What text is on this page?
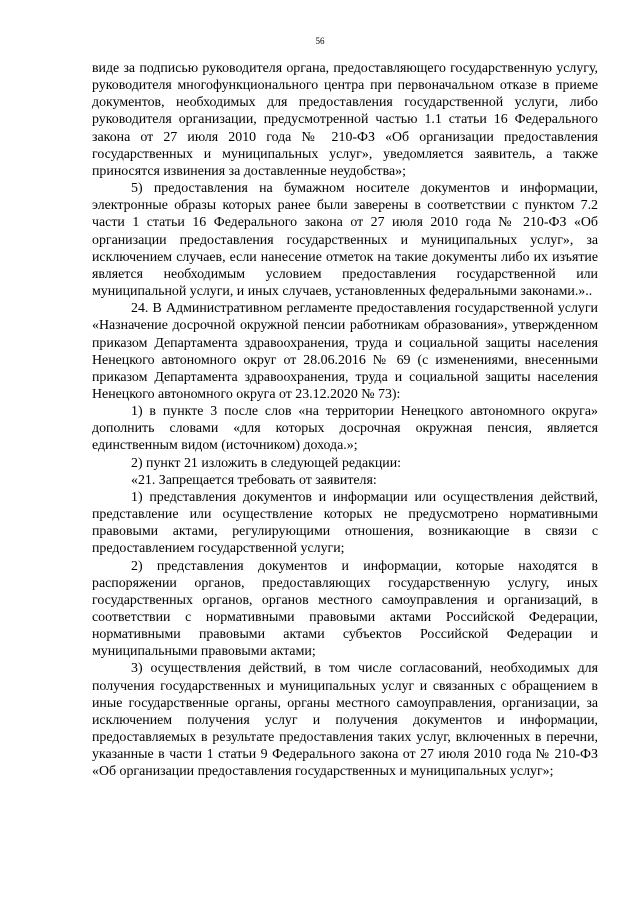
56

виде за подписью руководителя органа, предоставляющего государственную услугу, руководителя многофункционального центра при первоначальном отказе в приеме документов, необходимых для предоставления государственной услуги, либо руководителя организации, предусмотренной частью 1.1 статьи 16 Федерального закона от 27 июля 2010 года № 210-ФЗ «Об организации предоставления государственных и муниципальных услуг», уведомляется заявитель, а также приносятся извинения за доставленные неудобства»;

5) предоставления на бумажном носителе документов и информации, электронные образы которых ранее были заверены в соответствии с пунктом 7.2 части 1 статьи 16 Федерального закона от 27 июля 2010 года № 210-ФЗ «Об организации предоставления государственных и муниципальных услуг», за исключением случаев, если нанесение отметок на такие документы либо их изъятие является необходимым условием предоставления государственной или муниципальной услуги, и иных случаев, установленных федеральными законами.»..

24. В Административном регламенте предоставления государственной услуги «Назначение досрочной окружной пенсии работникам образования», утвержденном приказом Департамента здравоохранения, труда и социальной защиты населения Ненецкого автономного округ от 28.06.2016 № 69 (с изменениями, внесенными приказом Департамента здравоохранения, труда и социальной защиты населения Ненецкого автономного округа от 23.12.2020 № 73):

1) в пункте 3 после слов «на территории Ненецкого автономного округа» дополнить словами «для которых досрочная окружная пенсия, является единственным видом (источником) дохода.»;

2) пункт 21 изложить в следующей редакции:

«21. Запрещается требовать от заявителя:

1) представления документов и информации или осуществления действий, представление или осуществление которых не предусмотрено нормативными правовыми актами, регулирующими отношения, возникающие в связи с предоставлением государственной услуги;

2) представления документов и информации, которые находятся в распоряжении органов, предоставляющих государственную услугу, иных государственных органов, органов местного самоуправления и организаций, в соответствии с нормативными правовыми актами Российской Федерации, нормативными правовыми актами субъектов Российской Федерации и муниципальными правовыми актами;

3) осуществления действий, в том числе согласований, необходимых для получения государственных и муниципальных услуг и связанных с обращением в иные государственные органы, органы местного самоуправления, организации, за исключением получения услуг и получения документов и информации, предоставляемых в результате предоставления таких услуг, включенных в перечни, указанные в части 1 статьи 9 Федерального закона от 27 июля 2010 года № 210-ФЗ «Об организации предоставления государственных и муниципальных услуг»;
